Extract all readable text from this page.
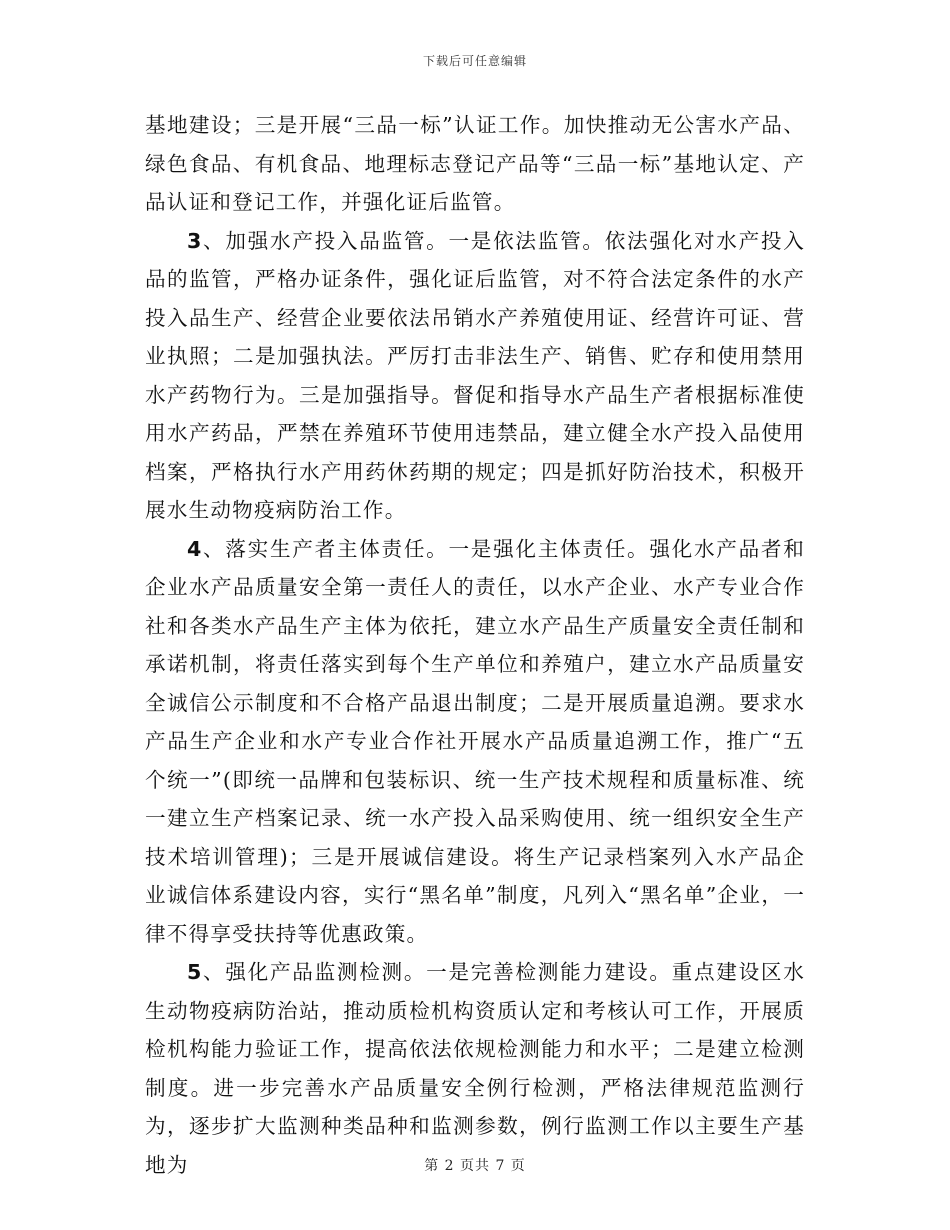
下载后可任意编辑

基地建设；三是开展“三品一标”认证工作。加快推动无公害水产品、绿色食品、有机食品、地理标志登记产品等“三品一标”基地认定、产品认证和登记工作，并强化证后监管。

3、加强水产投入品监管。一是依法监管。依法强化对水产投入品的监管，严格办证条件，强化证后监管，对不符合法定条件的水产投入品生产、经营企业要依法吊销水产养殖使用证、经营许可证、营业执照；二是加强执法。严厉打击非法生产、销售、贮存和使用禁用水产药物行为。三是加强指导。督促和指导水产品生产者根据标准使用水产药品，严禁在养殖环节使用违禁品，建立健全水产投入品使用档案，严格执行水产用药休药期的规定；四是抓好防治技术，积极开展水生动物疫病防治工作。

4、落实生产者主体责任。一是强化主体责任。强化水产品者和企业水产品质量安全第一责任人的责任，以水产企业、水产专业合作社和各类水产品生产主体为依托，建立水产品生产质量安全责任制和承诺机制，将责任落实到每个生产单位和养殖户，建立水产品质量安全诚信公示制度和不合格产品退出制度；二是开展质量追溯。要求水产品生产企业和水产专业合作社开展水产品质量追溯工作，推广“五个统一”(即统一品牌和包装标识、统一生产技术规程和质量标准、统一建立生产档案记录、统一水产投入品采购使用、统一组织安全生产技术培训管理)；三是开展诚信建设。将生产记录档案列入水产品企业诚信体系建设内容，实行“黑名单”制度，凡列入“黑名单”企业，一律不得享受扶持等优惠政策。

5、强化产品监测检测。一是完善检测能力建设。重点建设区水生动物疫病防治站，推动质检机构资质认定和考核认可工作，开展质检机构能力验证工作，提高依法依规检测能力和水平；二是建立检测制度。进一步完善水产品质量安全例行检测，严格法律规范监测行为，逐步扩大监测种类品种和监测参数，例行监测工作以主要生产基地为	第 2 页共 7 页
